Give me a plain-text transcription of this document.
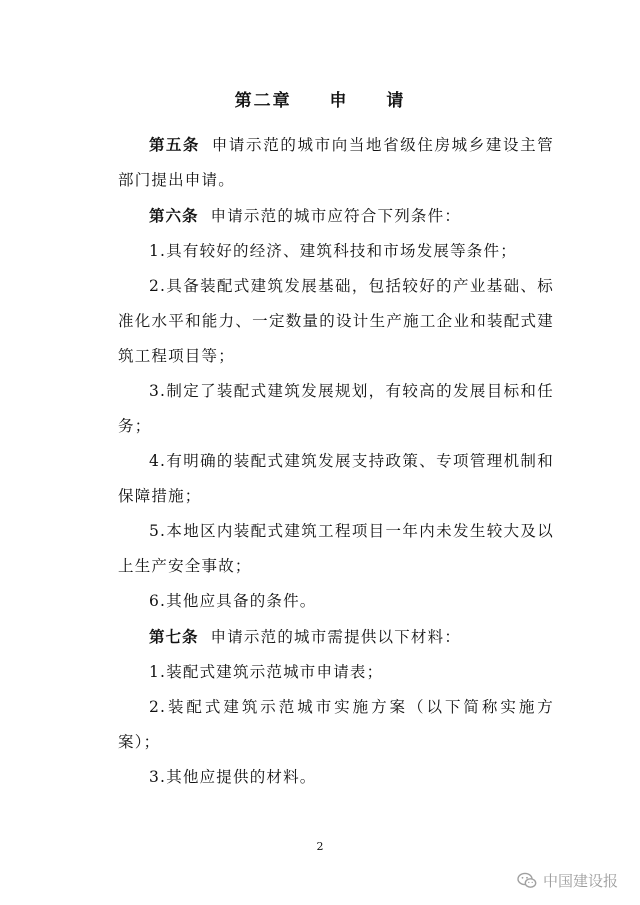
第二章 申 请

第五条 申请示范的城市向当地省级住房城乡建设主管部门提出申请。

第六条 申请示范的城市应符合下列条件：

1.具有较好的经济、建筑科技和市场发展等条件；

2.具备装配式建筑发展基础，包括较好的产业基础、标准化水平和能力、一定数量的设计生产施工企业和装配式建筑工程项目等；

3.制定了装配式建筑发展规划，有较高的发展目标和任务；

4.有明确的装配式建筑发展支持政策、专项管理机制和保障措施；

5.本地区内装配式建筑工程项目一年内未发生较大及以上生产安全事故；

6.其他应具备的条件。

第七条 申请示范的城市需提供以下材料：

1.装配式建筑示范城市申请表；

2.装配式建筑示范城市实施方案（以下简称实施方案）；

3.其他应提供的材料。

2
中国建设报
